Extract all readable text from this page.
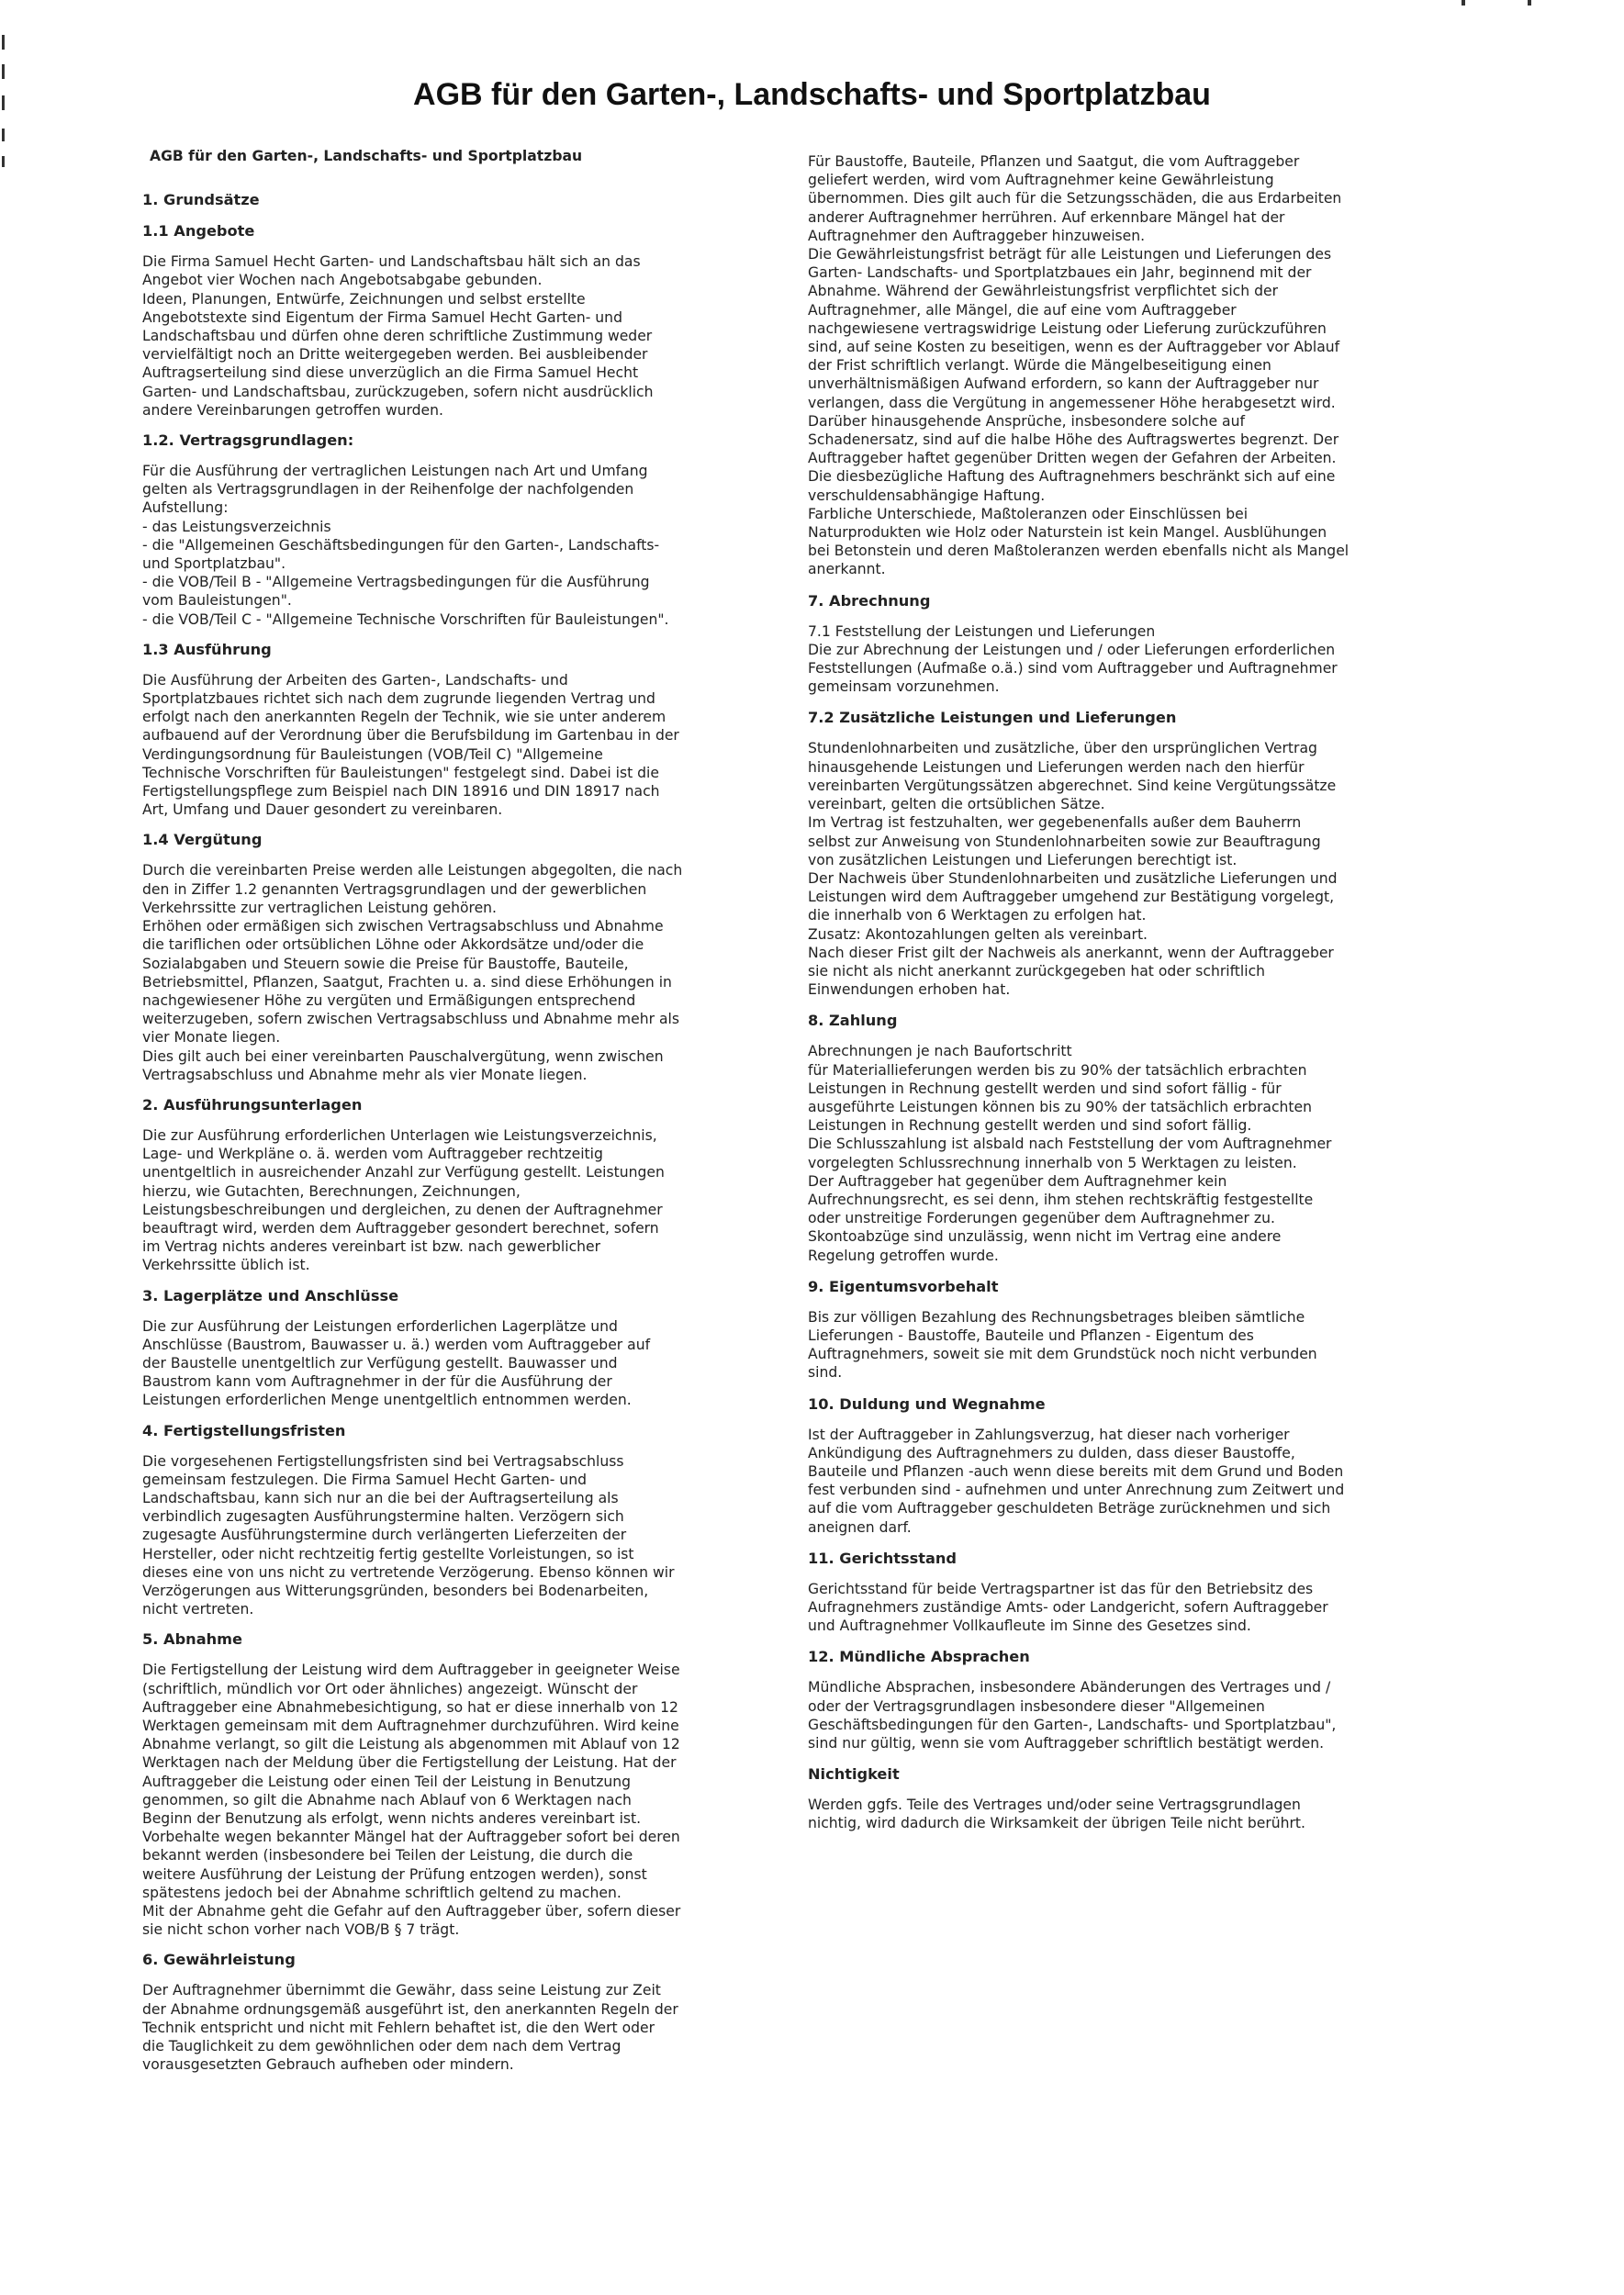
AGB für den Garten-, Landschafts- und Sportplatzbau
AGB für den Garten-, Landschafts- und Sportplatzbau
1. Grundsätze
1.1 Angebote
Die Firma Samuel Hecht Garten- und Landschaftsbau hält sich an das
Angebot vier Wochen nach Angebotsabgabe gebunden.
Ideen, Planungen, Entwürfe, Zeichnungen und selbst erstellte
Angebotstexte sind Eigentum der Firma Samuel Hecht Garten- und
Landschaftsbau und dürfen ohne deren schriftliche Zustimmung weder
vervielfältigt noch an Dritte weitergegeben werden. Bei ausbleibender
Auftragserteilung sind diese unverzüglich an die Firma Samuel Hecht
Garten- und Landschaftsbau, zurückzugeben, sofern nicht ausdrücklich
andere Vereinbarungen getroffen wurden.
1.2. Vertragsgrundlagen:
Für die Ausführung der vertraglichen Leistungen nach Art und Umfang
gelten als Vertragsgrundlagen in der Reihenfolge der nachfolgenden
Aufstellung:
- das Leistungsverzeichnis
- die "Allgemeinen Geschäftsbedingungen für den Garten-, Landschafts-
und Sportplatzbau".
- die VOB/Teil B - "Allgemeine Vertragsbedingungen für die Ausführung
vom Bauleistungen".
- die VOB/Teil C - "Allgemeine Technische Vorschriften für Bauleistungen".
1.3 Ausführung
Die Ausführung der Arbeiten des Garten-, Landschafts- und
Sportplatzbaues richtet sich nach dem zugrunde liegenden Vertrag und
erfolgt nach den anerkannten Regeln der Technik, wie sie unter anderem
aufbauend auf der Verordnung über die Berufsbildung im Gartenbau in der
Verdingungsordnung für Bauleistungen (VOB/Teil C) "Allgemeine
Technische Vorschriften für Bauleistungen" festgelegt sind. Dabei ist die
Fertigstellungspflege zum Beispiel nach DIN 18916 und DIN 18917 nach
Art, Umfang und Dauer gesondert zu vereinbaren.
1.4 Vergütung
Durch die vereinbarten Preise werden alle Leistungen abgegolten, die nach
den in Ziffer 1.2 genannten Vertragsgrundlagen und der gewerblichen
Verkehrssitte zur vertraglichen Leistung gehören.
Erhöhen oder ermäßigen sich zwischen Vertragsabschluss und Abnahme
die tariflichen oder ortsüblichen Löhne oder Akkordsätze und/oder die
Sozialabgaben und Steuern sowie die Preise für Baustoffe, Bauteile,
Betriebsmittel, Pflanzen, Saatgut, Frachten u. a. sind diese Erhöhungen in
nachgewiesener Höhe zu vergüten und Ermäßigungen entsprechend
weiterzugeben, sofern zwischen Vertragsabschluss und Abnahme mehr als
vier Monate liegen.
Dies gilt auch bei einer vereinbarten Pauschalvergütung, wenn zwischen
Vertragsabschluss und Abnahme mehr als vier Monate liegen.
2. Ausführungsunterlagen
Die zur Ausführung erforderlichen Unterlagen wie Leistungsverzeichnis,
Lage- und Werkpläne o. ä. werden vom Auftraggeber rechtzeitig
unentgeltlich in ausreichender Anzahl zur Verfügung gestellt. Leistungen
hierzu, wie Gutachten, Berechnungen, Zeichnungen,
Leistungsbeschreibungen und dergleichen, zu denen der Auftragnehmer
beauftragt wird, werden dem Auftraggeber gesondert berechnet, sofern
im Vertrag nichts anderes vereinbart ist bzw. nach gewerblicher
Verkehrssitte üblich ist.
3. Lagerplätze und Anschlüsse
Die zur Ausführung der Leistungen erforderlichen Lagerplätze und
Anschlüsse (Baustrom, Bauwasser u. ä.) werden vom Auftraggeber auf
der Baustelle unentgeltlich zur Verfügung gestellt. Bauwasser und
Baustrom kann vom Auftragnehmer in der für die Ausführung der
Leistungen erforderlichen Menge unentgeltlich entnommen werden.
4. Fertigstellungsfristen
Die vorgesehenen Fertigstellungsfristen sind bei Vertragsabschluss
gemeinsam festzulegen. Die Firma Samuel Hecht Garten- und
Landschaftsbau, kann sich nur an die bei der Auftragserteilung als
verbindlich zugesagten Ausführungstermine halten. Verzögern sich
zugesagte Ausführungstermine durch verlängerten Lieferzeiten der
Hersteller, oder nicht rechtzeitig fertig gestellte Vorleistungen, so ist
dieses eine von uns nicht zu vertretende Verzögerung. Ebenso können wir
Verzögerungen aus Witterungsgründen, besonders bei Bodenarbeiten,
nicht vertreten.
5. Abnahme
Die Fertigstellung der Leistung wird dem Auftraggeber in geeigneter Weise
(schriftlich, mündlich vor Ort oder ähnliches) angezeigt. Wünscht der
Auftraggeber eine Abnahmebesichtigung, so hat er diese innerhalb von 12
Werktagen gemeinsam mit dem Auftragnehmer durchzuführen. Wird keine
Abnahme verlangt, so gilt die Leistung als abgenommen mit Ablauf von 12
Werktagen nach der Meldung über die Fertigstellung der Leistung. Hat der
Auftraggeber die Leistung oder einen Teil der Leistung in Benutzung
genommen, so gilt die Abnahme nach Ablauf von 6 Werktagen nach
Beginn der Benutzung als erfolgt, wenn nichts anderes vereinbart ist.
Vorbehalte wegen bekannter Mängel hat der Auftraggeber sofort bei deren
bekannt werden (insbesondere bei Teilen der Leistung, die durch die
weitere Ausführung der Leistung der Prüfung entzogen werden), sonst
spätestens jedoch bei der Abnahme schriftlich geltend zu machen.
Mit der Abnahme geht die Gefahr auf den Auftraggeber über, sofern dieser
sie nicht schon vorher nach VOB/B § 7 trägt.
6. Gewährleistung
Der Auftragnehmer übernimmt die Gewähr, dass seine Leistung zur Zeit
der Abnahme ordnungsgemäß ausgeführt ist, den anerkannten Regeln der
Technik entspricht und nicht mit Fehlern behaftet ist, die den Wert oder
die Tauglichkeit zu dem gewöhnlichen oder dem nach dem Vertrag
vorausgesetzten Gebrauch aufheben oder mindern.
Für Baustoffe, Bauteile, Pflanzen und Saatgut, die vom Auftraggeber
geliefert werden, wird vom Auftragnehmer keine Gewährleistung
übernommen. Dies gilt auch für die Setzungsschäden, die aus Erdarbeiten
anderer Auftragnehmer herrühren. Auf erkennbare Mängel hat der
Auftragnehmer den Auftraggeber hinzuweisen.
Die Gewährleistungsfrist beträgt für alle Leistungen und Lieferungen des
Garten- Landschafts- und Sportplatzbaues ein Jahr, beginnend mit der
Abnahme. Während der Gewährleistungsfrist verpflichtet sich der
Auftragnehmer, alle Mängel, die auf eine vom Auftraggeber
nachgewiesene vertragswidrige Leistung oder Lieferung zurückzuführen
sind, auf seine Kosten zu beseitigen, wenn es der Auftraggeber vor Ablauf
der Frist schriftlich verlangt. Würde die Mängelbeseitigung einen
unverhältnismäßigen Aufwand erfordern, so kann der Auftraggeber nur
verlangen, dass die Vergütung in angemessener Höhe herabgesetzt wird.
Darüber hinausgehende Ansprüche, insbesondere solche auf
Schadenersatz, sind auf die halbe Höhe des Auftragswertes begrenzt. Der
Auftraggeber haftet gegenüber Dritten wegen der Gefahren der Arbeiten.
Die diesbezügliche Haftung des Auftragnehmers beschränkt sich auf eine
verschuldensabhängige Haftung.
Farbliche Unterschiede, Maßtoleranzen oder Einschlüssen bei
Naturprodukten wie Holz oder Naturstein ist kein Mangel. Ausblühungen
bei Betonstein und deren Maßtoleranzen werden ebenfalls nicht als Mangel
anerkannt.
7. Abrechnung
7.1 Feststellung der Leistungen und Lieferungen
Die zur Abrechnung der Leistungen und / oder Lieferungen erforderlichen
Feststellungen (Aufmaße o.ä.) sind vom Auftraggeber und Auftragnehmer
gemeinsam vorzunehmen.
7.2 Zusätzliche Leistungen und Lieferungen
Stundenlohnarbeiten und zusätzliche, über den ursprünglichen Vertrag
hinausgehende Leistungen und Lieferungen werden nach den hierfür
vereinbarten Vergütungssätzen abgerechnet. Sind keine Vergütungssätze
vereinbart, gelten die ortsüblichen Sätze.
Im Vertrag ist festzuhalten, wer gegebenenfalls außer dem Bauherrn
selbst zur Anweisung von Stundenlohnarbeiten sowie zur Beauftragung
von zusätzlichen Leistungen und Lieferungen berechtigt ist.
Der Nachweis über Stundenlohnarbeiten und zusätzliche Lieferungen und
Leistungen wird dem Auftraggeber umgehend zur Bestätigung vorgelegt,
die innerhalb von 6 Werktagen zu erfolgen hat.
Zusatz: Akontozahlungen gelten als vereinbart.
Nach dieser Frist gilt der Nachweis als anerkannt, wenn der Auftraggeber
sie nicht als nicht anerkannt zurückgegeben hat oder schriftlich
Einwendungen erhoben hat.
8. Zahlung
Abrechnungen je nach Baufortschritt
für Materiallieferungen werden bis zu 90% der tatsächlich erbrachten
Leistungen in Rechnung gestellt werden und sind sofort fällig - für
ausgeführte Leistungen können bis zu 90% der tatsächlich erbrachten
Leistungen in Rechnung gestellt werden und sind sofort fällig.
Die Schlusszahlung ist alsbald nach Feststellung der vom Auftragnehmer
vorgelegten Schlussrechnung innerhalb von 5 Werktagen zu leisten.
Der Auftraggeber hat gegenüber dem Auftragnehmer kein
Aufrechnungsrecht, es sei denn, ihm stehen rechtskräftig festgestellte
oder unstreitige Forderungen gegenüber dem Auftragnehmer zu.
Skontoabzüge sind unzulässig, wenn nicht im Vertrag eine andere
Regelung getroffen wurde.
9. Eigentumsvorbehalt
Bis zur völligen Bezahlung des Rechnungsbetrages bleiben sämtliche
Lieferungen - Baustoffe, Bauteile und Pflanzen - Eigentum des
Auftragnehmers, soweit sie mit dem Grundstück noch nicht verbunden
sind.
10. Duldung und Wegnahme
Ist der Auftraggeber in Zahlungsverzug, hat dieser nach vorheriger
Ankündigung des Auftragnehmers zu dulden, dass dieser Baustoffe,
Bauteile und Pflanzen -auch wenn diese bereits mit dem Grund und Boden
fest verbunden sind - aufnehmen und unter Anrechnung zum Zeitwert und
auf die vom Auftraggeber geschuldeten Beträge zurücknehmen und sich
aneignen darf.
11. Gerichtsstand
Gerichtsstand für beide Vertragspartner ist das für den Betriebsitz des
Aufragnehmers zuständige Amts- oder Landgericht, sofern Auftraggeber
und Auftragnehmer Vollkaufleute im Sinne des Gesetzes sind.
12. Mündliche Absprachen
Mündliche Absprachen, insbesondere Abänderungen des Vertrages und /
oder der Vertragsgrundlagen insbesondere dieser "Allgemeinen
Geschäftsbedingungen für den Garten-, Landschafts- und Sportplatzbau",
sind nur gültig, wenn sie vom Auftraggeber schriftlich bestätigt werden.
Nichtigkeit
Werden ggfs. Teile des Vertrages und/oder seine Vertragsgrundlagen
nichtig, wird dadurch die Wirksamkeit der übrigen Teile nicht berührt.
